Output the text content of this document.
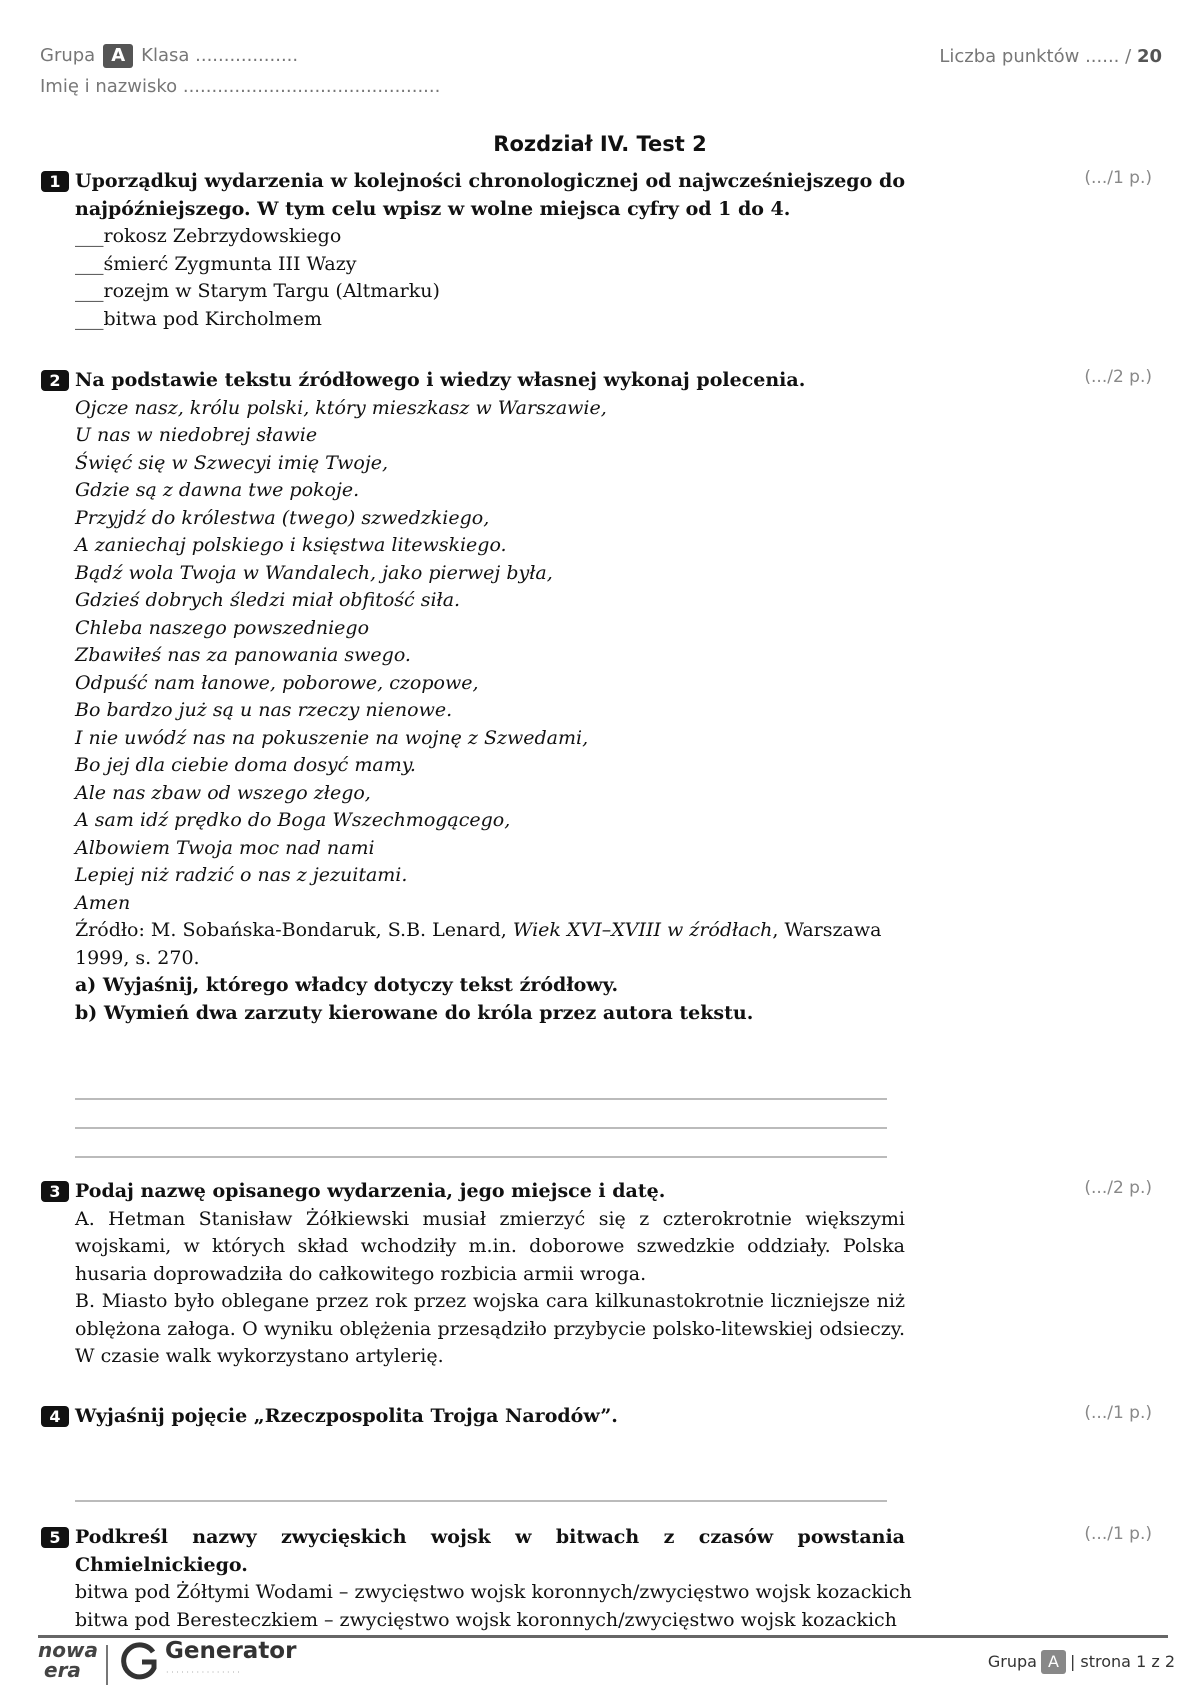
Grupa A Klasa ..................
Imię i nazwisko .............................................
Liczba punktów ...... / 20
Rozdział IV. Test 2
1 Uporządkuj wydarzenia w kolejności chronologicznej od najwcześniejszego do najpóźniejszego. W tym celu wpisz w wolne miejsca cyfry od 1 do 4.
___rokosz Zebrzydowskiego
___śmierć Zygmunta III Wazy
___rozejm w Starym Targu (Altmarku)
___bitwa pod Kircholmem
(.../1 p.)
2 Na podstawie tekstu źródłowego i wiedzy własnej wykonaj polecenia.
Ojcze nasz, królu polski, który mieszkasz w Warszawie,
U nas w niedobrej sławie
Święć się w Szwecyi imię Twoje,
Gdzie są z dawna twe pokoje.
Przyjdź do królestwa (twego) szwedzkiego,
A zaniechaj polskiego i księstwa litewskiego.
Bądź wola Twoja w Wandalech, jako pierwej była,
Gdzieś dobrych śledzi miał obfitość siła.
Chleba naszego powszedniego
Zbawiłeś nas za panowania swego.
Odpuść nam łanowe, poborowe, czopowe,
Bo bardzo już są u nas rzeczy nienowe.
I nie uwódź nas na pokuszenie na wojnę z Szwedami,
Bo jej dla ciebie doma dosyć mamy.
Ale nas zbaw od wszego złego,
A sam idź prędko do Boga Wszechmogącego,
Albowiem Twoja moc nad nami
Lepiej niż radzić o nas z jezuitami.
Amen
Źródło: M. Sobańska-Bondaruk, S.B. Lenard, Wiek XVI–XVIII w źródłach, Warszawa
1999, s. 270.
a) Wyjaśnij, którego władcy dotyczy tekst źródłowy.
b) Wymień dwa zarzuty kierowane do króla przez autora tekstu.
(.../2 p.)
3 Podaj nazwę opisanego wydarzenia, jego miejsce i datę.
A. Hetman Stanisław Żółkiewski musiał zmierzyć się z czterokrotnie większymi wojskami, w których skład wchodziły m.in. doborowe szwedzkie oddziały. Polska husaria doprowadziła do całkowitego rozbicia armii wroga.
B. Miasto było oblegane przez rok przez wojska cara kilkunastokrotnie liczniejsze niż oblężona załoga. O wyniku oblężenia przesądziło przybycie polsko-litewskiej odsieczy. W czasie walk wykorzystano artylerię.
(.../2 p.)
4 Wyjaśnij pojęcie „Rzeczpospolita Trojga Narodów”.	(.../1 p.)
5 Podkreśl nazwy zwycięskich wojsk w bitwach z czasów powstania Chmielnickiego.
bitwa pod Żółtymi Wodami – zwycięstwo wojsk koronnych/zwycięstwo wojsk kozackich
bitwa pod Beresteczkiem – zwycięstwo wojsk koronnych/zwycięstwo wojsk kozackich
(.../1 p.)
nowa
era
Generator
· · · · · · · · · · · · · · ·
Grupa A | strona 1 z 2
